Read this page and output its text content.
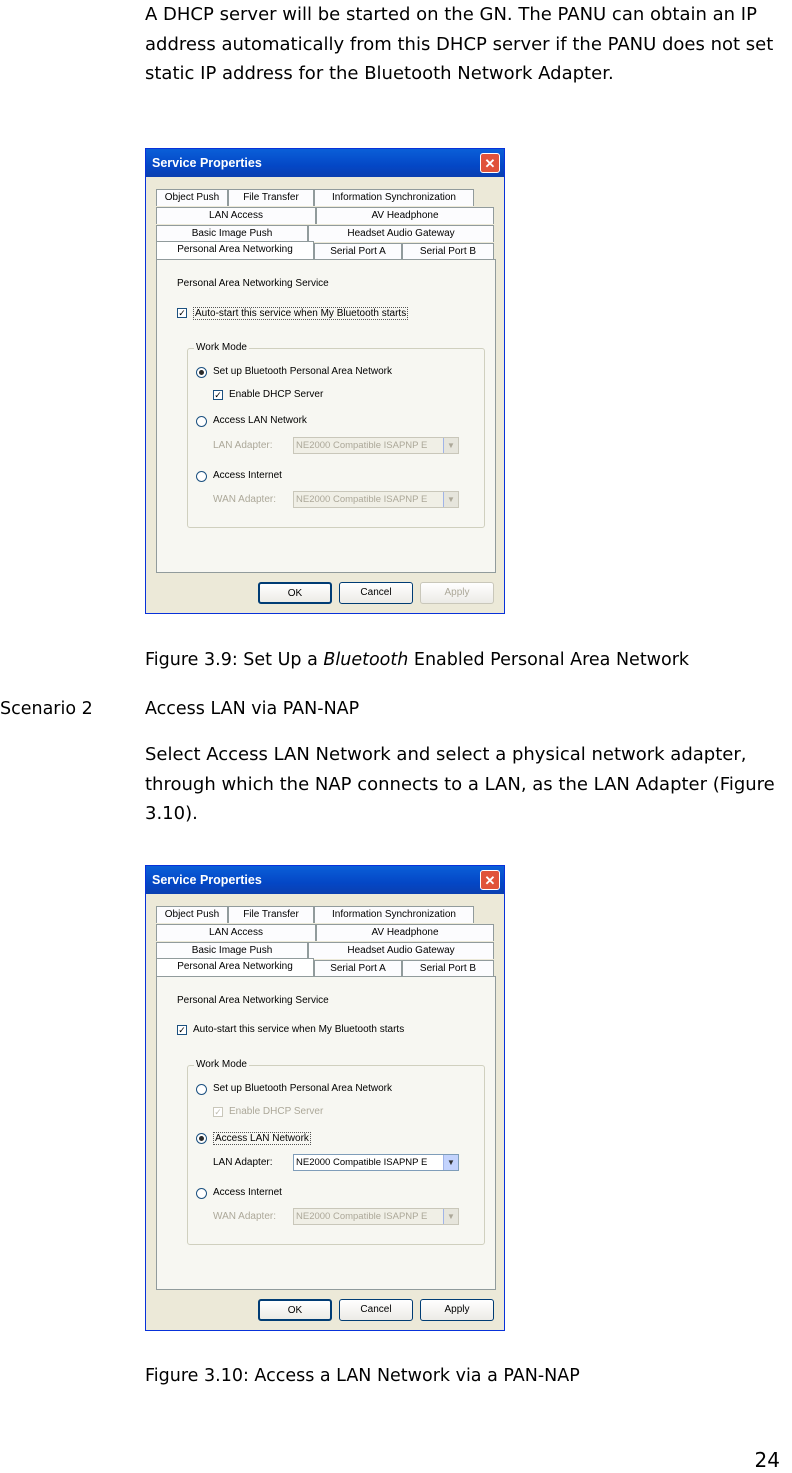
A DHCP server will be started on the GN. The PANU can obtain an IP address automatically from this DHCP server if the PANU does not set static IP address for the Bluetooth Network Adapter.

Service Properties	✕
Object Push	File Transfer	Information Synchronization
LAN Access	AV Headphone
Basic Image Push	Headset Audio Gateway
Personal Area Networking	Serial Port A	Serial Port B
Personal Area Networking Service
✓ Auto-start this service when My Bluetooth starts
Work Mode
Set up Bluetooth Personal Area Network
✓ Enable DHCP Server
Access LAN Network
LAN Adapter:	NE2000 Compatible ISAPNP E	▼
Access Internet
WAN Adapter:	NE2000 Compatible ISAPNP E	▼
OK	Cancel	Apply
Figure 3.9: Set Up a Bluetooth Enabled Personal Area Network
Scenario 2	Access LAN via PAN-NAP

Select Access LAN Network and select a physical network adapter, through which the NAP connects to a LAN, as the LAN Adapter (Figure 3.10).

Service Properties	✕
Object Push	File Transfer	Information Synchronization
LAN Access	AV Headphone
Basic Image Push	Headset Audio Gateway
Personal Area Networking	Serial Port A	Serial Port B
Personal Area Networking Service
✓ Auto-start this service when My Bluetooth starts
Work Mode
Set up Bluetooth Personal Area Network
✓ Enable DHCP Server
Access LAN Network
LAN Adapter:	NE2000 Compatible ISAPNP E	▼
Access Internet
WAN Adapter:	NE2000 Compatible ISAPNP E	▼
OK	Cancel	Apply
Figure 3.10: Access a LAN Network via a PAN-NAP
24
